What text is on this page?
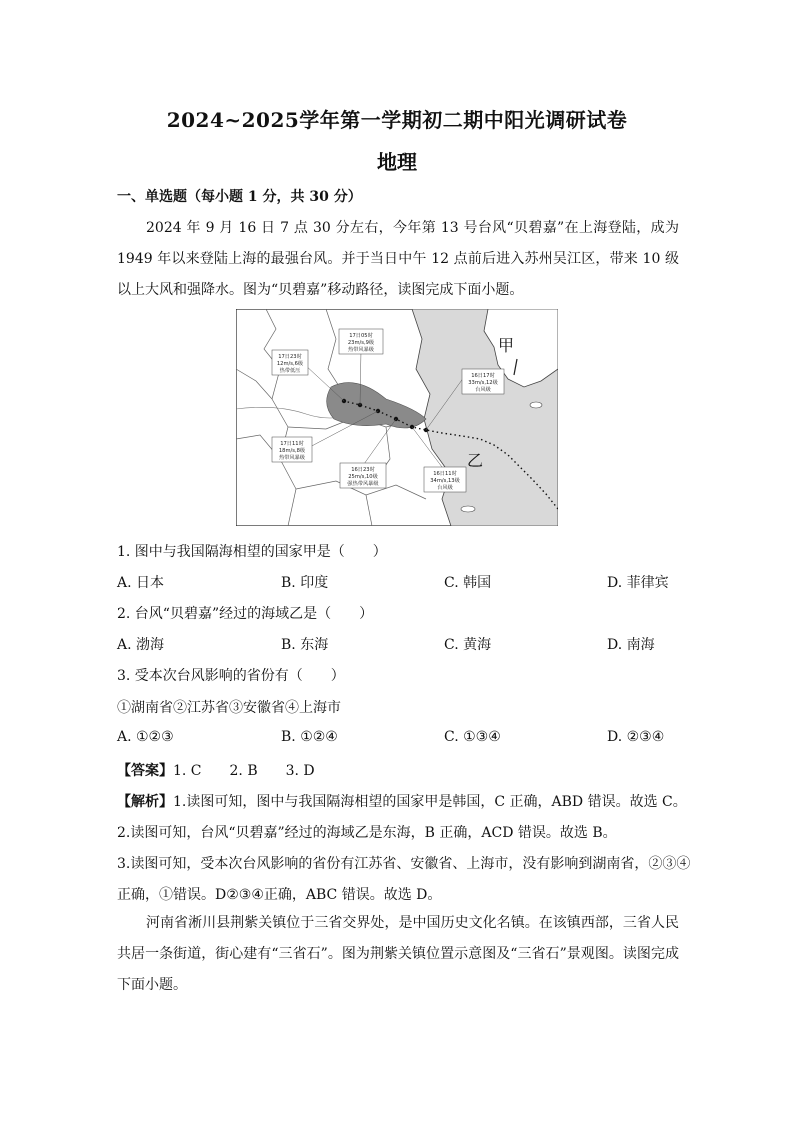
2024~2025学年第一学期初二期中阳光调研试卷
地理
一、单选题（每小题 1 分，共 30 分）
2024 年 9 月 16 日 7 点 30 分左右，今年第 13 号台风“贝碧嘉”在上海登陆，成为 1949 年以来登陆上海的最强台风。并于当日中午 12 点前后进入苏州吴江区，带来 10 级以上大风和强降水。图为“贝碧嘉”移动路径，读图完成下面小题。
17日05时
23m/s,9级
热带风暴级
17日23时
12m/s,6级
热带低压
16日17时
33m/s,12级
台风级
17日11时
18m/s,8级
热带风暴级
16日23时
25m/s,10级
强热带风暴级
16日11时
34m/s,13级
台风级
甲
乙
1. 图中与我国隔海相望的国家甲是（　　）
A. 日本	B. 印度	C. 韩国	D. 菲律宾
2. 台风“贝碧嘉”经过的海域乙是（　　）
A. 渤海	B. 东海	C. 黄海	D. 南海
3. 受本次台风影响的省份有（　　）
①湖南省②江苏省③安徽省④上海市
A. ①②③	B. ①②④	C. ①③④	D. ②③④
【答案】1. C　　2. B　　3. D
【解析】1.读图可知，图中与我国隔海相望的国家甲是韩国，C 正确，ABD 错误。故选 C。
2.读图可知，台风“贝碧嘉”经过的海域乙是东海，B 正确，ACD 错误。故选 B。
3.读图可知，受本次台风影响的省份有江苏省、安徽省、上海市，没有影响到湖南省，②③④
正确，①错误。D②③④正确，ABC 错误。故选 D。
河南省淅川县荆紫关镇位于三省交界处，是中国历史文化名镇。在该镇西部，三省人民共居一条街道，街心建有“三省石”。图为荆紫关镇位置示意图及“三省石”景观图。读图完成下面小题。
